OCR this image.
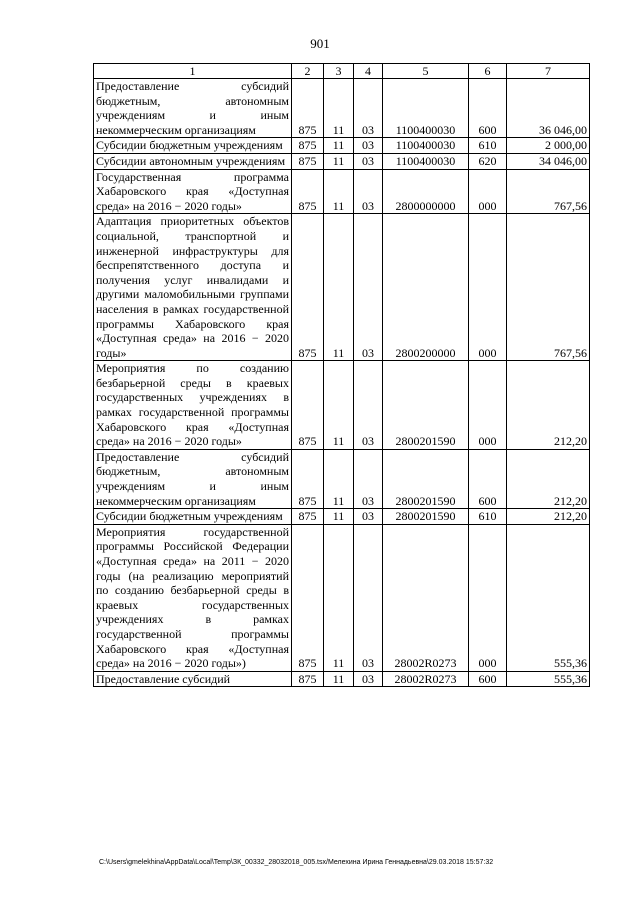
901
1	2	3	4	5	6	7
Предоставление субсидий бюджетным, автономным учреждениям и иным некоммерческим организациям	875	11	03	1100400030	600	36 046,00
Субсидии бюджетным учреждениям	875	11	03	1100400030	610	2 000,00
Субсидии автономным учреждениям	875	11	03	1100400030	620	34 046,00
Государственная программа Хабаровского края «Доступная среда» на 2016 − 2020 годы»	875	11	03	2800000000	000	767,56
Адаптация приоритетных объектов социальной, транспортной и инженерной инфраструктуры для беспрепятственного доступа и получения услуг инвалидами и другими маломобильными группами населения в рамках государственной программы Хабаровского края «Доступная среда» на 2016 − 2020 годы»	875	11	03	2800200000	000	767,56
Мероприятия по созданию безбарьерной среды в краевых государственных учреждениях в рамках государственной программы Хабаровского края «Доступная среда» на 2016 − 2020 годы»	875	11	03	2800201590	000	212,20
Предоставление субсидий бюджетным, автономным учреждениям и иным некоммерческим организациям	875	11	03	2800201590	600	212,20
Субсидии бюджетным учреждениям	875	11	03	2800201590	610	212,20
Мероприятия государственной программы Российской Федерации «Доступная среда» на 2011 − 2020 годы (на реализацию мероприятий по созданию безбарьерной среды в краевых государственных учреждениях в рамках государственной программы Хабаровского края «Доступная среда» на 2016 − 2020 годы»)	875	11	03	28002R0273	000	555,36
Предоставление субсидий	875	11	03	28002R0273	600	555,36
C:\Users\gmelekhina\AppData\Local\Temp\ЗК_00332_28032018_005.tsx/Мелехина Ирина Геннадьевна\29.03.2018 15:57:32
